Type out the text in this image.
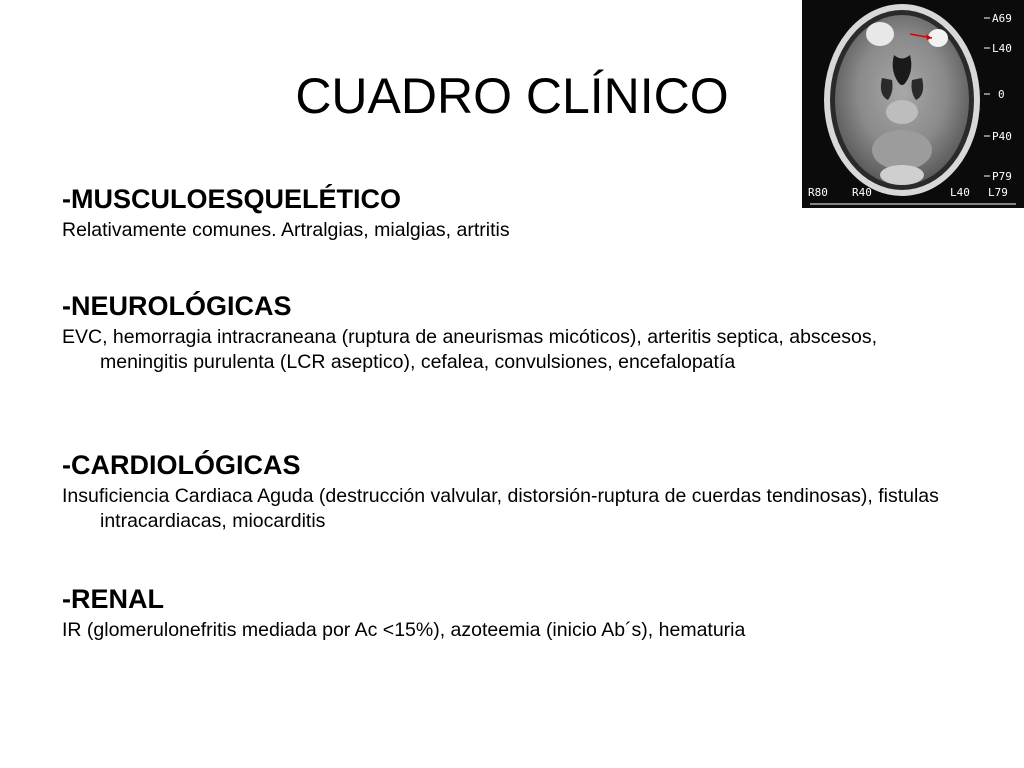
CUADRO CLÍNICO
A69
L40
0
P40
P79
R80 R40	L40 L79

-MUSCULOESQUELÉTICO

Relativamente comunes. Artralgias, mialgias, artritis

-NEUROLÓGICAS

EVC, hemorragia intracraneana (ruptura de aneurismas micóticos), arteritis septica, abscesos, meningitis purulenta (LCR aseptico), cefalea, convulsiones, encefalopatía

-CARDIOLÓGICAS

Insuficiencia Cardiaca Aguda (destrucción valvular, distorsión-ruptura de cuerdas tendinosas), fistulas intracardiacas, miocarditis

-RENAL

IR (glomerulonefritis mediada por Ac <15%), azoteemia (inicio Ab´s), hematuria
